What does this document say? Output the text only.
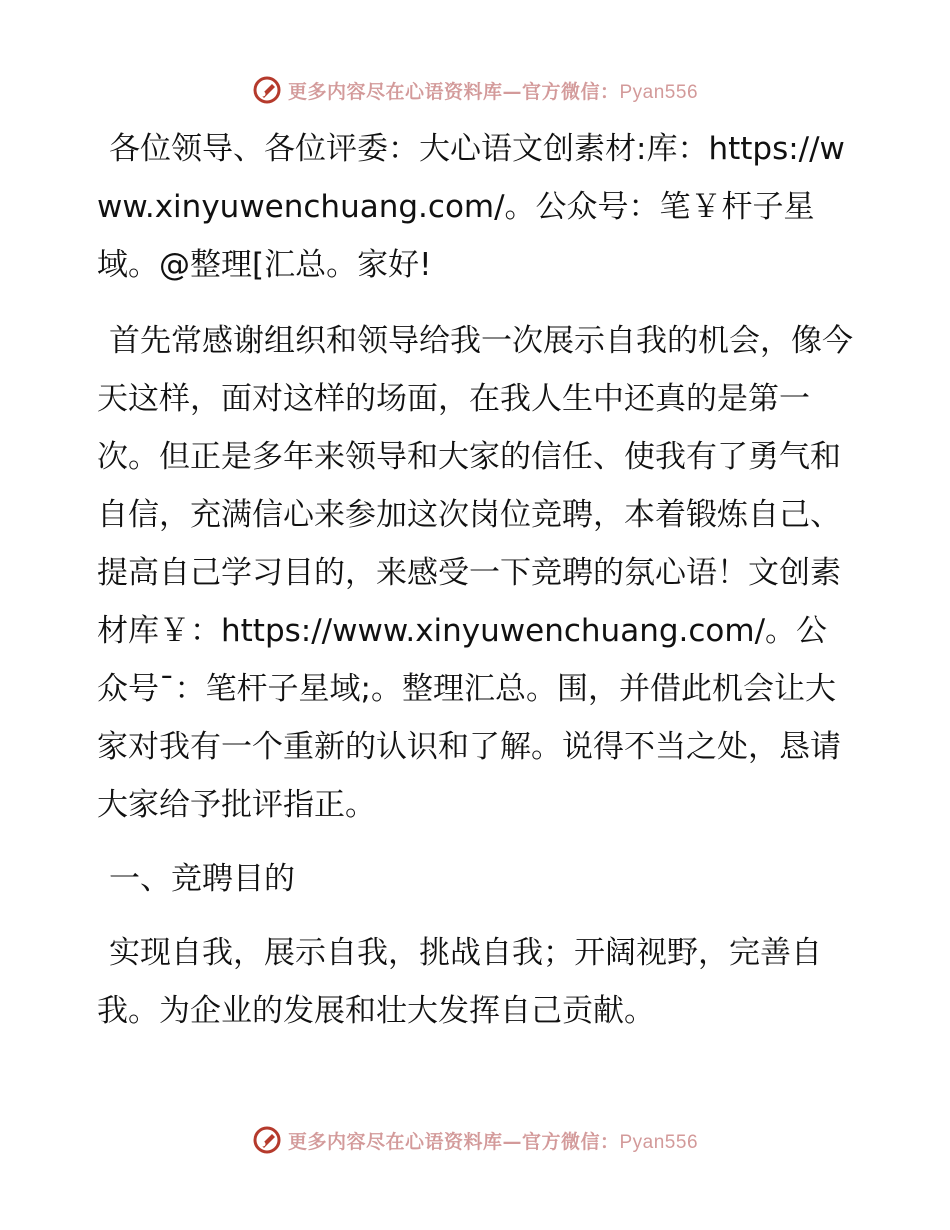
更多内容尽在心语资料库—官方微信：Pyan556

各位领导、各位评委：大心语文创素材:库：https://www.xinyuwenchuang.com/。公众号：笔￥杆子星域。@整理[汇总。家好!

首先常感谢组织和领导给我一次展示自我的机会，像今天这样，面对这样的场面，在我人生中还真的是第一次。但正是多年来领导和大家的信任、使我有了勇气和自信，充满信心来参加这次岗位竞聘，本着锻炼自己、提高自己学习目的，来感受一下竞聘的氛心语！文创素材库￥：https://www.xinyuwenchuang.com/。公众号¯：笔杆子星域;。整理汇总。围，并借此机会让大家对我有一个重新的认识和了解。说得不当之处，恳请大家给予批评指正。

一、竞聘目的

实现自我，展示自我，挑战自我；开阔视野，完善自我。为企业的发展和壮大发挥自己贡献。

更多内容尽在心语资料库—官方微信：Pyan556
